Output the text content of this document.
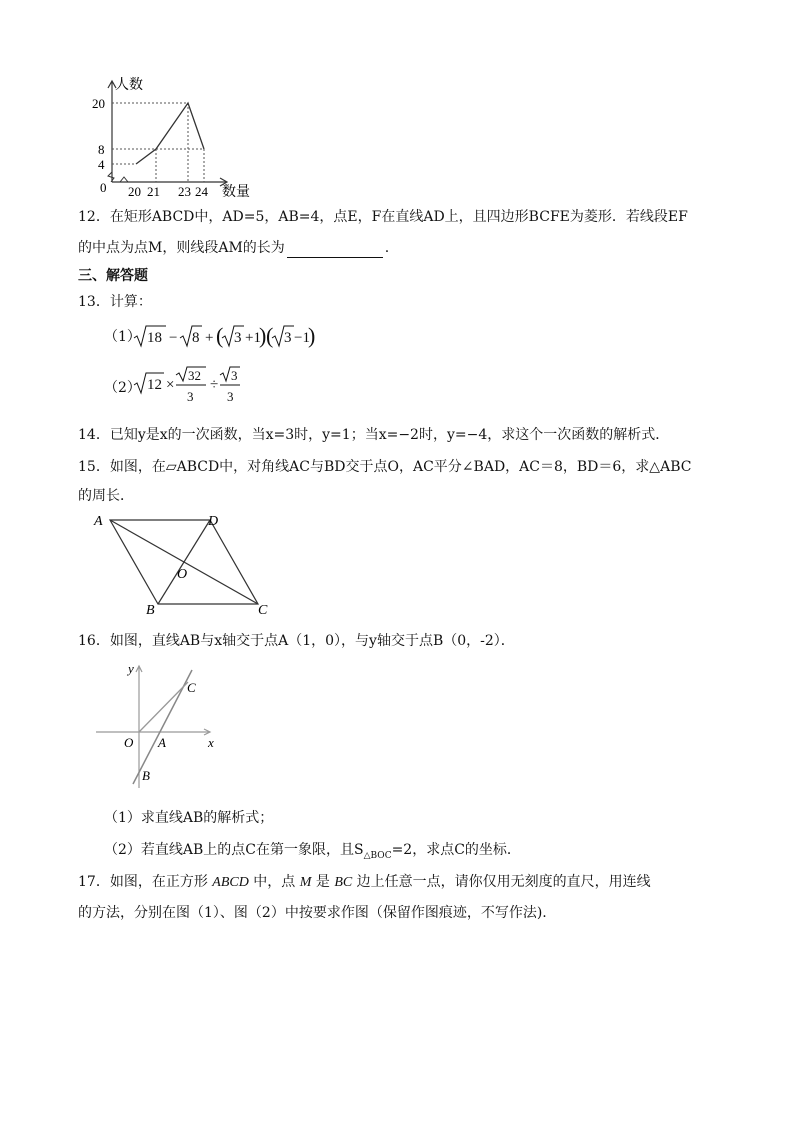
人数
数量
20
8
4
0 20 21 23 24
12．在矩形ABCD中，AD=5，AB=4，点E，F在直线AD上，且四边形BCFE为菱形．若线段EF
的中点为点M，则线段AM的长为	.
三、解答题
13．计算：
（1） 18 − 8 + ( 3 +1
) ( 3 −1
)
（2） 12 ×
32
3
÷
3
3
14．已知y是x的一次函数，当x=3时，y=1；当x=−2时，y=−4，求这个一次函数的解析式．
15．如图，在▱ABCD中，对角线AC与BD交于点O，AC平分∠BAD，AC＝8，BD＝6，求△ABC
的周长．
A	D
O
B	C
16．如图，直线AB与x轴交于点A（1，0），与y轴交于点B（0，-2）．
y
x
O A
B
C
（1）求直线AB的解析式；
（2）若直线AB上的点C在第一象限，且$S_{\triangle BOC}=2$，求点C的坐标．
17．如图，在正方形 ABCD 中，点 M 是 BC 边上任意一点，请你仅用无刻度的直尺，用连线
的方法，分别在图（1）、图（2）中按要求作图（保留作图痕迹，不写作法).
